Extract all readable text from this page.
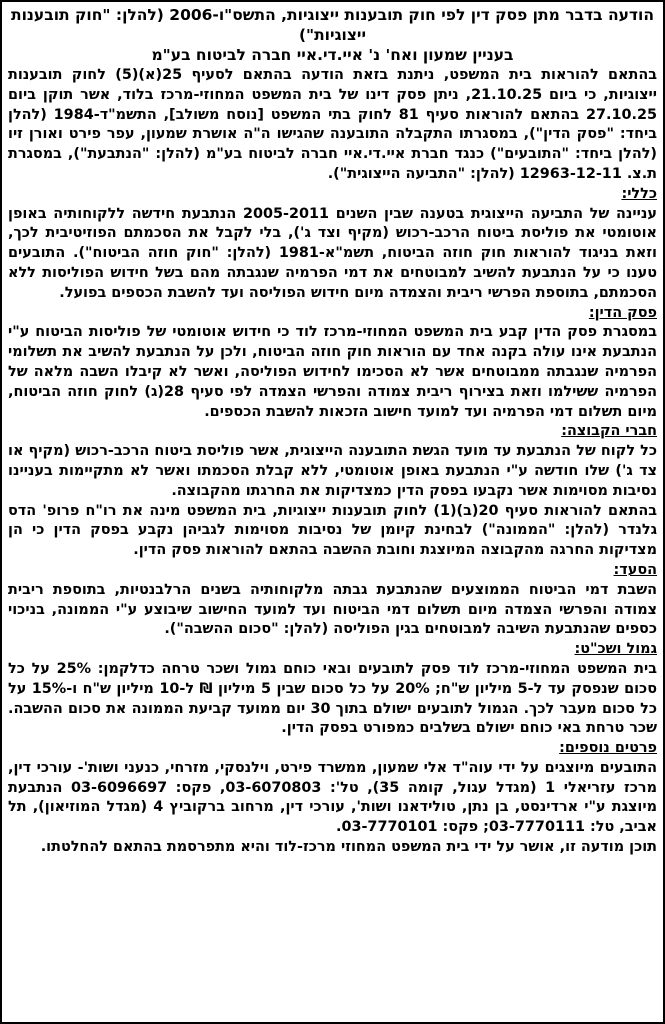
הודעה בדבר מתן פסק דין לפי חוק תובענות ייצוגיות, התשס"ו-2006 (להלן: "חוק תובענות ייצוגיות")
בעניין שמעון ואח' נ' איי.די.איי חברה לביטוח בע"מ

בהתאם להוראות בית המשפט, ניתנת בזאת הודעה בהתאם לסעיף 25(א)(5) לחוק תובענות ייצוגיות, כי ביום 21.10.25, ניתן פסק דינו של בית המשפט המחוזי-מרכז בלוד, אשר תוקן ביום 27.10.25 בהתאם להוראות סעיף 81 לחוק בתי המשפט [נוסח משולב], התשמ"ד-1984 (להלן ביחד: "פסק הדין"), במסגרתו התקבלה התובענה שהגישו ה"ה אושרת שמעון, עפר פירט ואורן זיו (להלן ביחד: "התובעים") כנגד חברת איי.די.איי חברה לביטוח בע"מ (להלן: "הנתבעת"), במסגרת ת.צ. 12963-12-11 (להלן: "התביעה הייצוגית").

כללי:

עניינה של התביעה הייצוגית בטענה שבין השנים 2005-2011 הנתבעת חידשה ללקוחותיה באופן אוטומטי את פוליסת ביטוח הרכב-רכוש (מקיף וצד ג'), בלי לקבל את הסכמתם הפוזיטיבית לכך, וזאת בניגוד להוראות חוק חוזה הביטוח, תשמ"א-1981 (להלן: "חוק חוזה הביטוח"). התובעים טענו כי על הנתבעת להשיב למבוטחים את דמי הפרמיה שנגבתה מהם בשל חידוש הפוליסות ללא הסכמתם, בתוספת הפרשי ריבית והצמדה מיום חידוש הפוליסה ועד להשבת הכספים בפועל.

פסק הדין:

במסגרת פסק הדין קבע בית המשפט המחוזי-מרכז לוד כי חידוש אוטומטי של פוליסות הביטוח ע"י הנתבעת אינו עולה בקנה אחד עם הוראות חוק חוזה הביטוח, ולכן על הנתבעת להשיב את תשלומי הפרמיה שנגבתה ממבוטחים אשר לא הסכימו לחידוש הפוליסה, ואשר לא קיבלו השבה מלאה של הפרמיה ששילמו וזאת בצירוף ריבית צמודה והפרשי הצמדה לפי סעיף 28(ג) לחוק חוזה הביטוח, מיום תשלום דמי הפרמיה ועד למועד חישוב הזכאות להשבת הכספים.

חברי הקבוצה:

כל לקוח של הנתבעת עד מועד הגשת התובענה הייצוגית, אשר פוליסת ביטוח הרכב-רכוש (מקיף או צד ג') שלו חודשה ע"י הנתבעת באופן אוטומטי, ללא קבלת הסכמתו ואשר לא מתקיימות בעניינו נסיבות מסוימות אשר נקבעו בפסק הדין כמצדיקות את החרגתו מהקבוצה.

בהתאם להוראות סעיף 20(ב)(1) לחוק תובענות ייצוגיות, בית המשפט מינה את רו"ח פרופ' הדס גלנדר (להלן: "הממונה") לבחינת קיומן של נסיבות מסוימות לגביהן נקבע בפסק הדין כי הן מצדיקות החרגה מהקבוצה המיוצגת וחובת ההשבה בהתאם להוראות פסק הדין.

הסעד:

השבת דמי הביטוח הממוצעים שהנתבעת גבתה מלקוחותיה בשנים הרלבנטיות, בתוספת ריבית צמודה והפרשי הצמדה מיום תשלום דמי הביטוח ועד למועד החישוב שיבוצע ע"י הממונה, בניכוי כספים שהנתבעת השיבה למבוטחים בגין הפוליסה (להלן: "סכום ההשבה").

גמול ושכ"ט:

בית המשפט המחוזי-מרכז לוד פסק לתובעים ובאי כוחם גמול ושכר טרחה כדלקמן: 25% על כל סכום שנפסק עד ל-5 מיליון ש"ח; 20% על כל סכום שבין 5 מיליון ₪ ל-10 מיליון ש"ח ו-15% על כל סכום מעבר לכך. הגמול לתובעים ישולם בתוך 30 יום ממועד קביעת הממונה את סכום ההשבה. שכר טרחת באי כוחם ישולם בשלבים כמפורט בפסק הדין.

פרטים נוספים:

התובעים מיוצגים על ידי עוה"ד אלי שמעון, ממשרד פירט, וילנסקי, מזרחי, כנעני ושות'- עורכי דין, מרכז עזריאלי 1 (מגדל עגול, קומה 35), טל': 03-6070803, פקס: 03-6096697 הנתבעת מיוצגת ע"י ארדינסט, בן נתן, טולידאנו ושות', עורכי דין, מרחוב ברקוביץ 4 (מגדל המוזיאון), תל אביב, טל: 03-7770111; פקס: 03-7770101.

תוכן מודעה זו, אושר על ידי בית המשפט המחוזי מרכז-לוד והיא מתפרסמת בהתאם להחלטתו.
